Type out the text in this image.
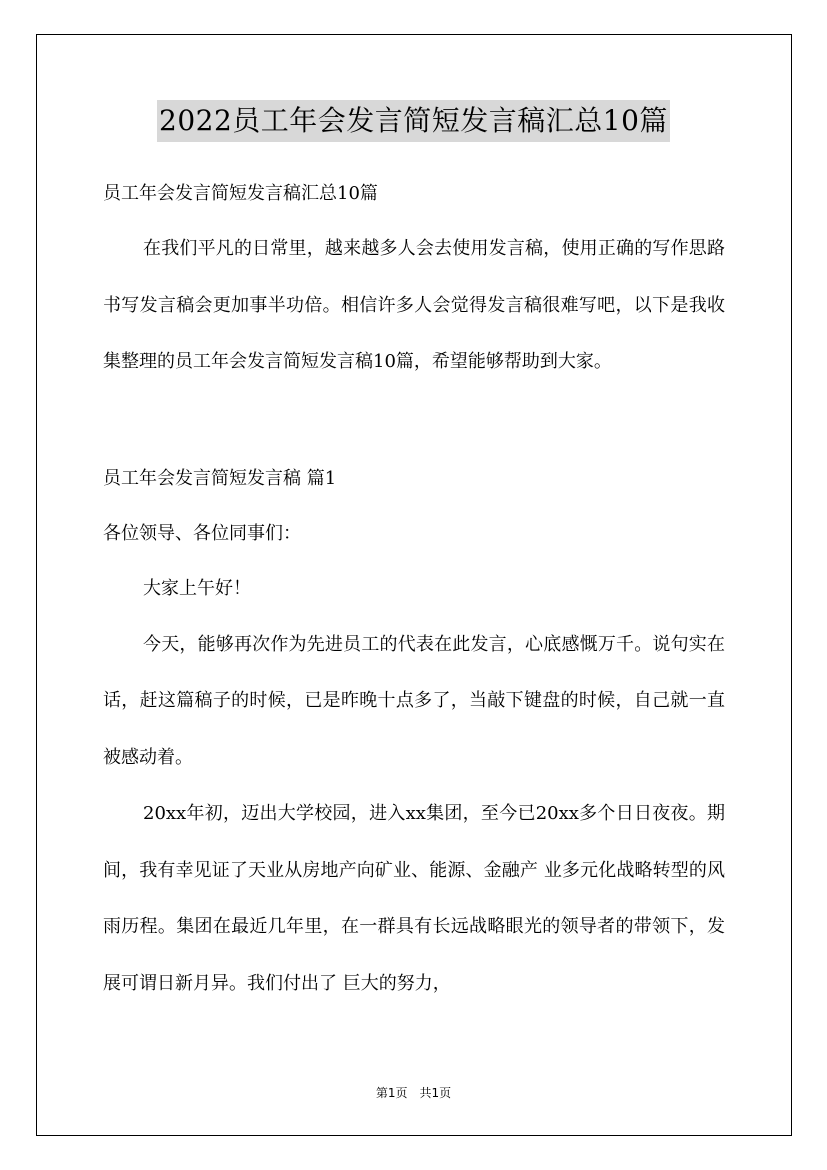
2022员工年会发言简短发言稿汇总10篇

员工年会发言简短发言稿汇总10篇

在我们平凡的日常里，越来越多人会去使用发言稿，使用正确的写作思路书写发言稿会更加事半功倍。相信许多人会觉得发言稿很难写吧，以下是我收集整理的员工年会发言简短发言稿10篇，希望能够帮助到大家。

员工年会发言简短发言稿 篇1

各位领导、各位同事们：

大家上午好！

今天，能够再次作为先进员工的代表在此发言，心底感慨万千。说句实在话，赶这篇稿子的时候，已是昨晚十点多了，当敲下键盘的时候，自己就一直被感动着。

20xx年初，迈出大学校园，进入xx集团，至今已20xx多个日日夜夜。期间，我有幸见证了天业从房地产向矿业、能源、金融产 业多元化战略转型的风雨历程。集团在最近几年里，在一群具有长远战略眼光的领导者的带领下，发展可谓日新月异。我们付出了 巨大的努力，

第1页　共1页
